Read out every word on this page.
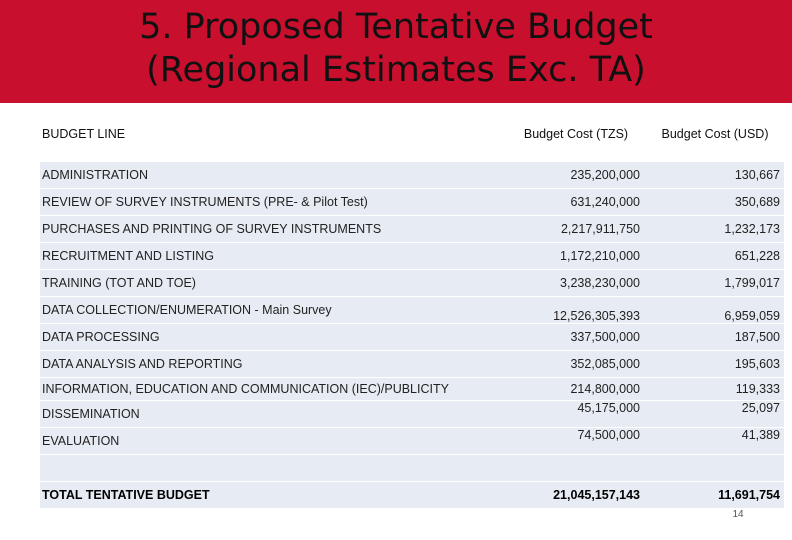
5. Proposed Tentative Budget
(Regional Estimates Exc. TA)
BUDGET LINE	Budget Cost (TZS)	Budget Cost (USD)
ADMINISTRATION	235,200,000	130,667
REVIEW OF SURVEY INSTRUMENTS (PRE- & Pilot Test)	631,240,000	350,689
PURCHASES AND PRINTING OF SURVEY INSTRUMENTS	2,217,911,750	1,232,173
RECRUITMENT AND LISTING	1,172,210,000	651,228
TRAINING (TOT AND TOE)	3,238,230,000	1,799,017
DATA COLLECTION/ENUMERATION - Main Survey	12,526,305,393	6,959,059
DATA PROCESSING	337,500,000	187,500
DATA ANALYSIS AND REPORTING	352,085,000	195,603
INFORMATION, EDUCATION AND COMMUNICATION (IEC)/PUBLICITY	214,800,000	119,333
DISSEMINATION	45,175,000	25,097
EVALUATION	74,500,000	41,389

TOTAL TENTATIVE BUDGET	21,045,157,143	11,691,754
14
